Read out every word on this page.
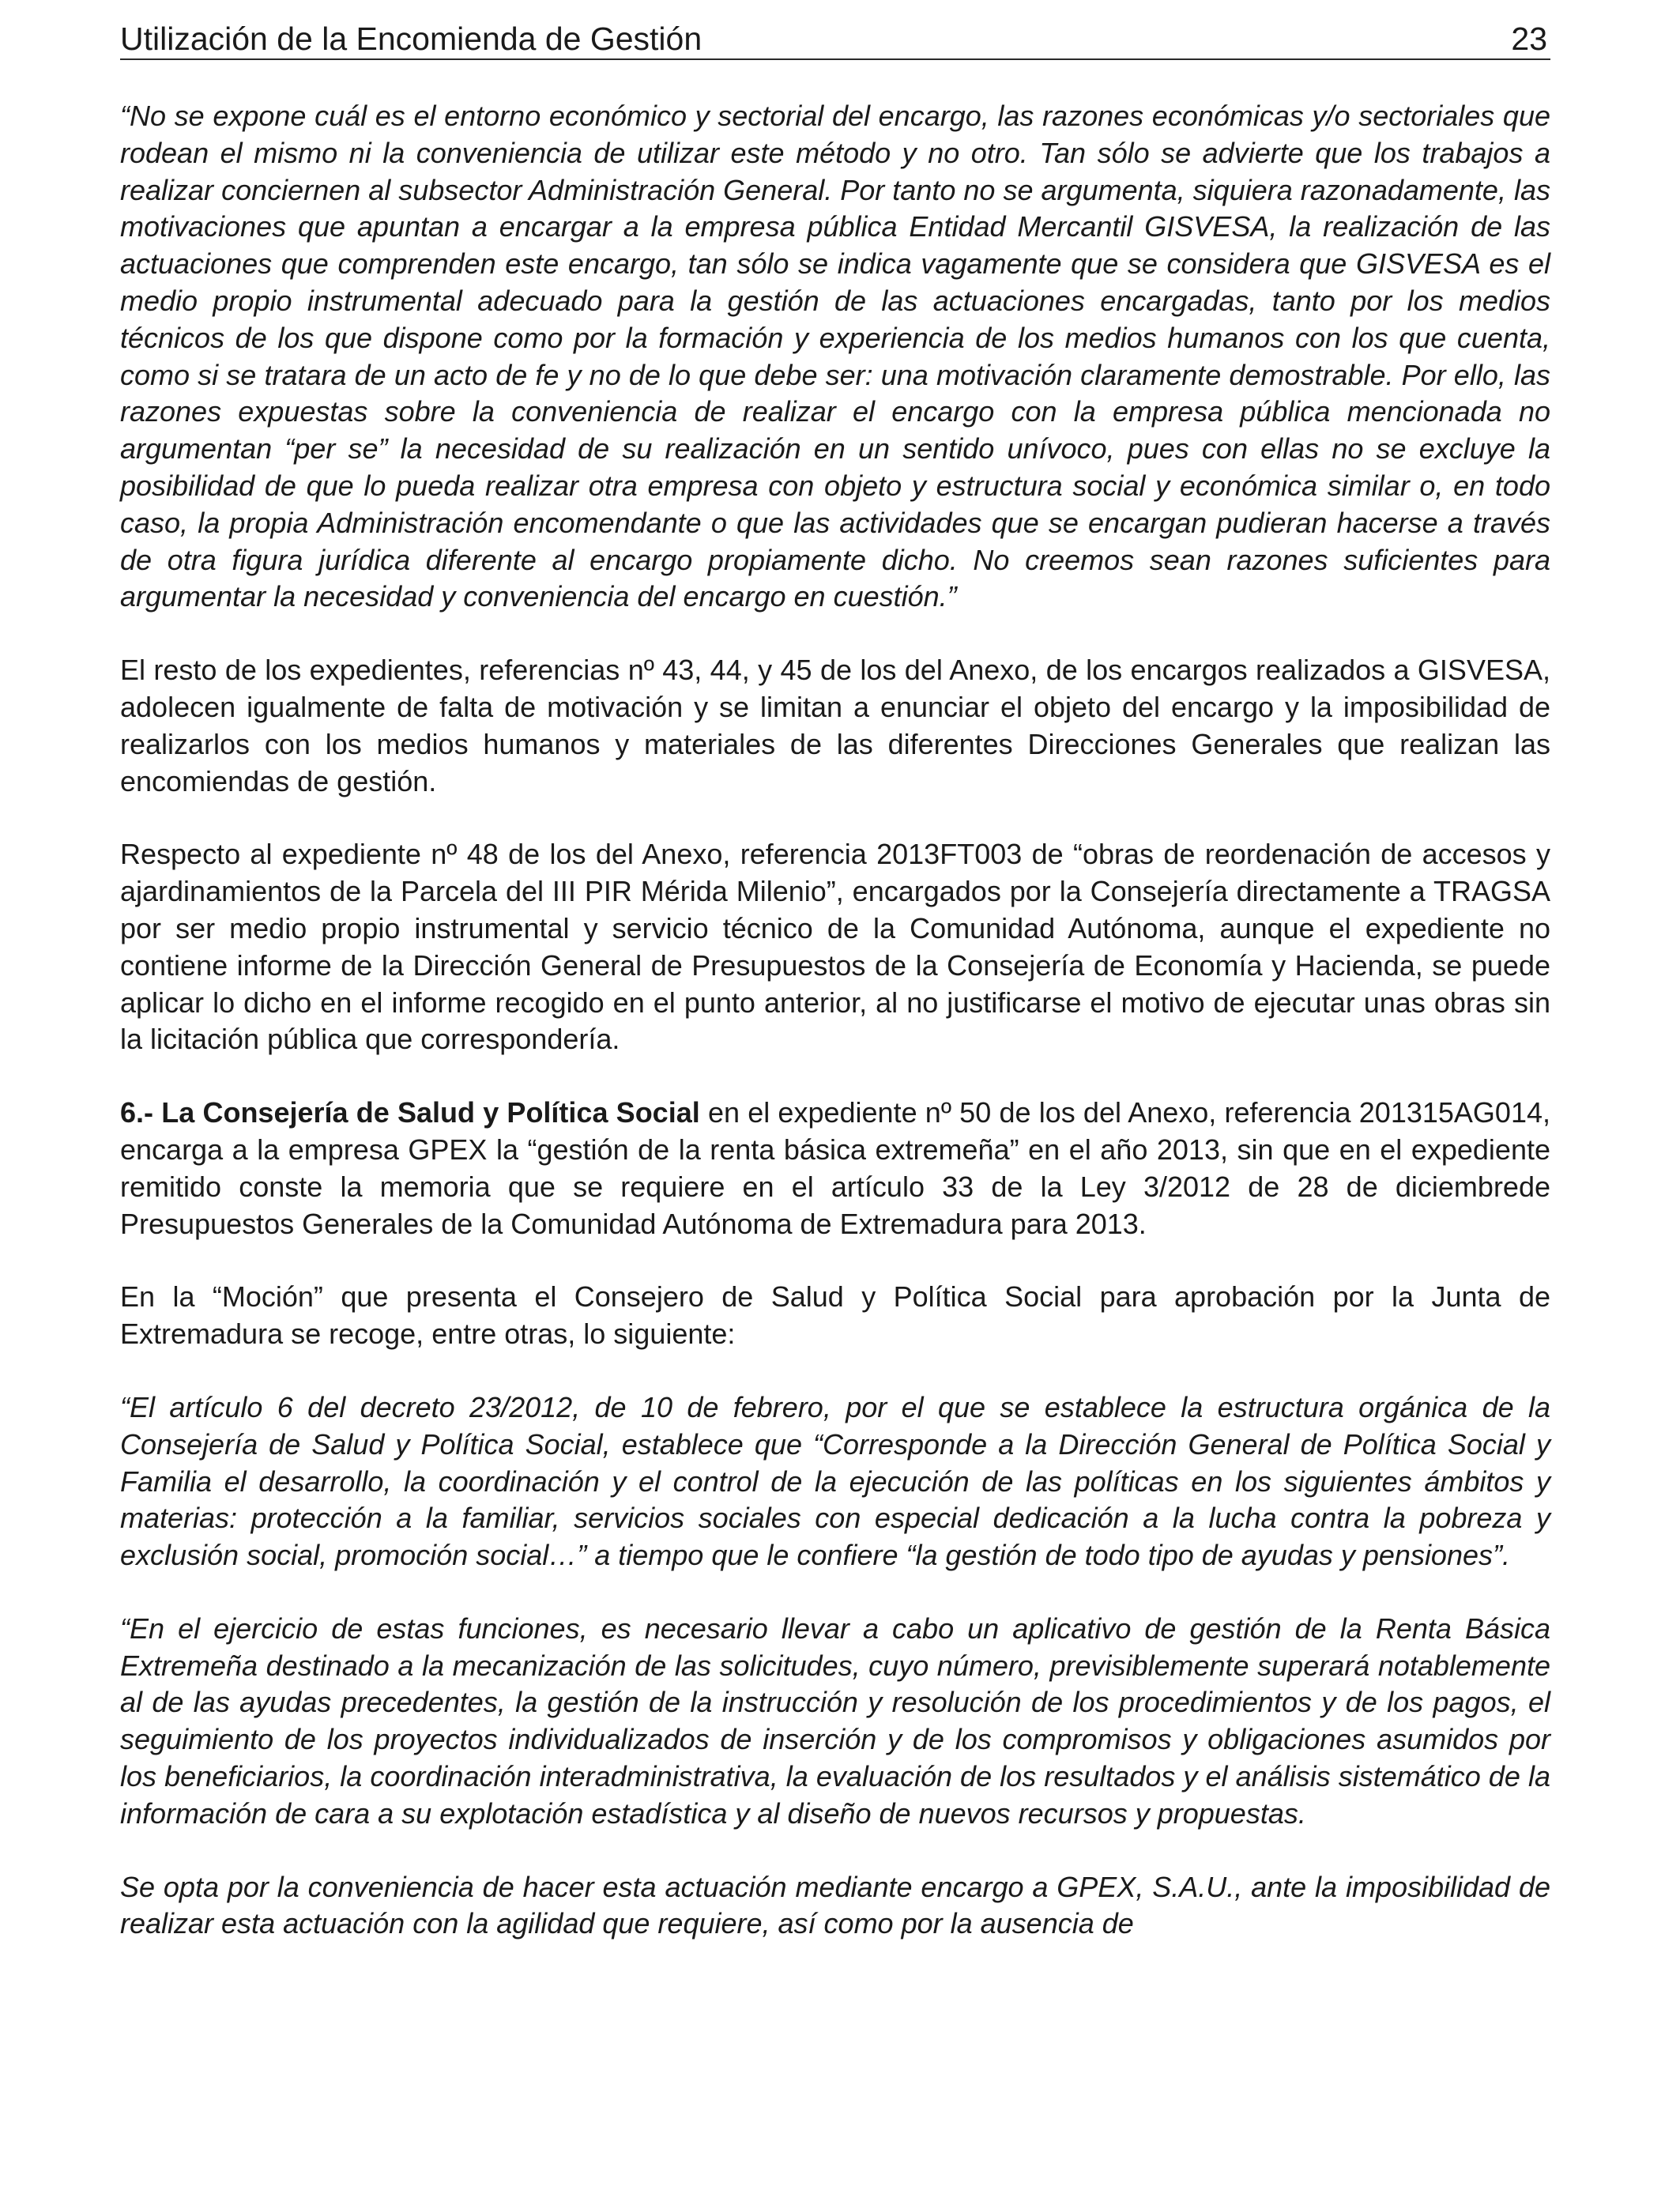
Utilización de la Encomienda de Gestión	23

“No se expone cuál es el entorno económico y sectorial del encargo, las razones económicas y/o sectoriales que rodean el mismo ni la conveniencia de utilizar este método y no otro. Tan sólo se advierte que los trabajos a realizar conciernen al subsector Administración General. Por tanto no se argumenta, siquiera razonadamente, las motivaciones que apuntan a encargar a la empresa pública Entidad Mercantil GISVESA, la realización de las actuaciones que comprenden este encargo, tan sólo se indica vagamente que se considera que GISVESA es el medio propio instrumental adecuado para la gestión de las actuaciones encargadas, tanto por los medios técnicos de los que dispone como por la formación y experiencia de los medios humanos con los que cuenta, como si se tratara de un acto de fe y no de lo que debe ser: una motivación claramente demostrable. Por ello, las razones expuestas sobre la conveniencia de realizar el encargo con la empresa pública mencionada no argumentan “per se” la necesidad de su realización en un sentido unívoco, pues con ellas no se excluye la posibilidad de que lo pueda realizar otra empresa con objeto y estructura social y económica similar o, en todo caso, la propia Administración encomendante o que las actividades que se encargan pudieran hacerse a través de otra figura jurídica diferente al encargo propiamente dicho. No creemos sean razones suficientes para argumentar la necesidad y conveniencia del encargo en cuestión.”

El resto de los expedientes, referencias nº 43, 44, y 45 de los del Anexo, de los encargos realizados a GISVESA, adolecen igualmente de falta de motivación y se limitan a enunciar el objeto del encargo y la imposibilidad de realizarlos con los medios humanos y materiales de las diferentes Direcciones Generales que realizan las encomiendas de gestión.

Respecto al expediente nº 48 de los del Anexo, referencia 2013FT003 de “obras de reordenación de accesos y ajardinamientos de la Parcela del III PIR Mérida Milenio”, encargados por la Consejería directamente a TRAGSA por ser medio propio instrumental y servicio técnico de la Comunidad Autónoma, aunque el expediente no contiene informe de la Dirección General de Presupuestos de la Consejería de Economía y Hacienda, se puede aplicar lo dicho en el informe recogido en el punto anterior, al no justificarse el motivo de ejecutar unas obras sin la licitación pública que correspondería.

6.- La Consejería de Salud y Política Social en el expediente nº 50 de los del Anexo, referencia 201315AG014, encarga a la empresa GPEX la “gestión de la renta básica extremeña” en el año 2013, sin que en el expediente remitido conste la memoria que se requiere en el artículo 33 de la Ley 3/2012 de 28 de diciembrede Presupuestos Generales de la Comunidad Autónoma de Extremadura para 2013.

En la “Moción” que presenta el Consejero de Salud y Política Social para aprobación por la Junta de Extremadura se recoge, entre otras, lo siguiente:

“El artículo 6 del decreto 23/2012, de 10 de febrero, por el que se establece la estructura orgánica de la Consejería de Salud y Política Social, establece que “Corresponde a la Dirección General de Política Social y Familia el desarrollo, la coordinación y el control de la ejecución de las políticas en los siguientes ámbitos y materias: protección a la familiar, servicios sociales con especial dedicación a la lucha contra la pobreza y exclusión social, promoción social…” a tiempo que le confiere “la gestión de todo tipo de ayudas y pensiones”.

“En el ejercicio de estas funciones, es necesario llevar a cabo un aplicativo de gestión de la Renta Básica Extremeña destinado a la mecanización de las solicitudes, cuyo número, previsiblemente superará notablemente al de las ayudas precedentes, la gestión de la instrucción y resolución de los procedimientos y de los pagos, el seguimiento de los proyectos individualizados de inserción y de los compromisos y obligaciones asumidos por los beneficiarios, la coordinación interadministrativa, la evaluación de los resultados y el análisis sistemático de la información de cara a su explotación estadística y al diseño de nuevos recursos y propuestas.

Se opta por la conveniencia de hacer esta actuación mediante encargo a GPEX, S.A.U., ante la imposibilidad de realizar esta actuación con la agilidad que requiere, así como por la ausencia de
